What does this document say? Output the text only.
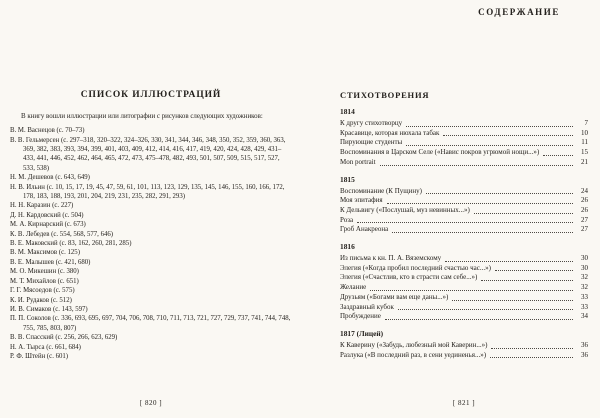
СОДЕРЖАНИЕ
СПИСОК ИЛЛЮСТРАЦИЙ

В книгу вошли иллюстрации или литографии с рисунков следующих художников:

В. М. Васнецов (с. 70–73)
В. В. Гельмерсен (с. 297–318, 320–322, 324–326, 330, 341, 344, 346, 348, 350, 352, 359, 360, 363, 369, 382, 383, 393, 394, 399, 401, 403, 409, 412, 414, 416, 417, 419, 420, 424, 428, 429, 431–433, 441, 446, 452, 462, 464, 465, 472, 473, 475–478, 482, 493, 501, 507, 509, 515, 517, 527, 533, 538)
Н. М. Дешевов (с. 643, 649)
Н. В. Ильин (с. 10, 15, 17, 19, 45, 47, 59, 61, 101, 113, 123, 129, 135, 145, 146, 155, 160, 166, 172, 178, 183, 188, 193, 201, 204, 219, 231, 235, 282, 291, 293)
Н. Н. Каразин (с. 227)
Д. Н. Кардовский (с. 504)
М. А. Кирнарский (с. 673)
К. В. Лебедев (с. 554, 568, 577, 646)
В. Е. Маковский (с. 83, 162, 260, 281, 285)
В. М. Максимов (с. 125)
В. Е. Малышев (с. 421, 680)
М. О. Микешин (с. 380)
М. Т. Михайлов (с. 651)
Г. Г. Мясоедов (с. 575)
К. И. Рудаков (с. 512)
И. В. Симаков (с. 143, 597)
П. П. Соколов (с. 336, 693, 695, 697, 704, 706, 708, 710, 711, 713, 721, 727, 729, 737, 741, 744, 748, 755, 785, 803, 807)
В. В. Спасский (с. 256, 266, 623, 629)
Н. А. Тырса (с. 661, 684)
Р. Ф. Штейн (с. 601)
[ 820 ]
СТИХОТВОРЕНИЯ
1814
К другу стихотворцу	7
Красавице, которая нюхала табак	10
Пирующие студенты	11
Воспоминания в Царском Селе («Навис покров угрюмой нощи...»)	15
Mon portrait	21
1815
Воспоминание (К Пущину)	24
Моя эпитафия	26
К Дельвигу («Послушай, муз невинных...»)	26
Роза	27
Гроб Анакреона	27
1816
Из письма к кн. П. А. Вяземскому	30
Элегия («Когда пробил последний счастью час...»)	30
Элегия («Счастлив, кто в страсти сам себе...»)	32
Желание	32
Друзьям («Богами вам еще даны...»)	33
Заздравный кубок	33
Пробуждение	34
1817 (Лицей)
К Каверину («Забудь, любезный мой Каверин...»)	36
Разлука («В последний раз, в сени уединенья...»)	36
[ 821 ]
